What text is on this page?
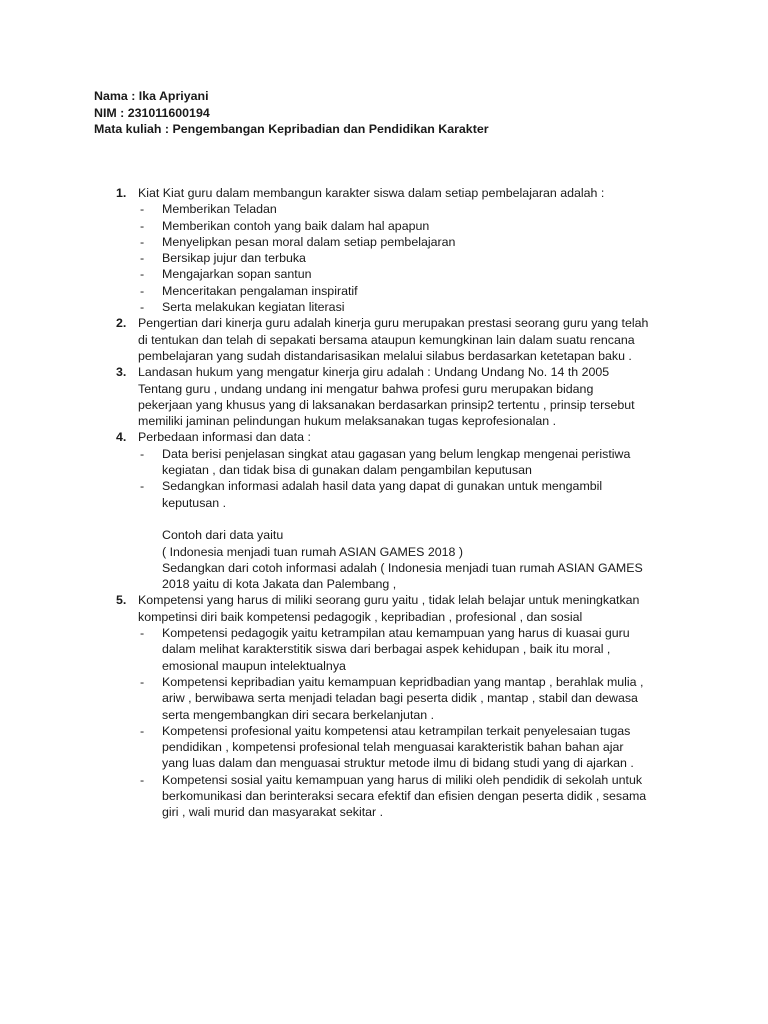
Nama : Ika Apriyani
NIM : 231011600194
Mata kuliah : Pengembangan Kepribadian dan Pendidikan Karakter
1. Kiat Kiat guru dalam membangun karakter siswa dalam setiap pembelajaran adalah :
- Memberikan Teladan
- Memberikan contoh yang baik dalam hal apapun
- Menyelipkan pesan moral dalam setiap pembelajaran
- Bersikap jujur dan terbuka
- Mengajarkan sopan santun
- Menceritakan pengalaman inspiratif
- Serta melakukan kegiatan literasi
2. Pengertian dari kinerja guru adalah kinerja guru merupakan prestasi seorang guru yang telah
di tentukan dan telah di sepakati bersama ataupun kemungkinan lain dalam suatu rencana
pembelajaran yang sudah distandarisasikan melalui silabus berdasarkan ketetapan baku .
3. Landasan hukum yang mengatur kinerja giru adalah : Undang Undang No. 14 th 2005
Tentang guru , undang undang ini mengatur bahwa profesi guru merupakan bidang
pekerjaan yang khusus yang di laksanakan berdasarkan prinsip2 tertentu , prinsip tersebut
memiliki jaminan pelindungan hukum melaksanakan tugas keprofesionalan .
4. Perbedaan informasi dan data :
- Data berisi penjelasan singkat atau gagasan yang belum lengkap mengenai peristiwa
kegiatan , dan tidak bisa di gunakan dalam pengambilan keputusan
- Sedangkan informasi adalah hasil data yang dapat di gunakan untuk mengambil
keputusan .
Contoh dari data yaitu
( Indonesia menjadi tuan rumah ASIAN GAMES 2018 )
Sedangkan dari cotoh informasi adalah ( Indonesia menjadi tuan rumah ASIAN GAMES
2018 yaitu di kota Jakata dan Palembang ,
5. Kompetensi yang harus di miliki seorang guru yaitu , tidak lelah belajar untuk meningkatkan
kompetinsi diri baik kompetensi pedagogik , kepribadian , profesional , dan sosial
- Kompetensi pedagogik yaitu ketrampilan atau kemampuan yang harus di kuasai guru
dalam melihat karakterstitik siswa dari berbagai aspek kehidupan , baik itu moral ,
emosional maupun intelektualnya
- Kompetensi kepribadian yaitu kemampuan kepridbadian yang mantap , berahlak mulia ,
ariw , berwibawa serta menjadi teladan bagi peserta didik , mantap , stabil dan dewasa
serta mengembangkan diri secara berkelanjutan .
- Kompetensi profesional yaitu kompetensi atau ketrampilan terkait penyelesaian tugas
pendidikan , kompetensi profesional telah menguasai karakteristik bahan bahan ajar
yang luas dalam dan menguasai struktur metode ilmu di bidang studi yang di ajarkan .
- Kompetensi sosial yaitu kemampuan yang harus di miliki oleh pendidik di sekolah untuk
berkomunikasi dan berinteraksi secara efektif dan efisien dengan peserta didik , sesama
giri , wali murid dan masyarakat sekitar .
